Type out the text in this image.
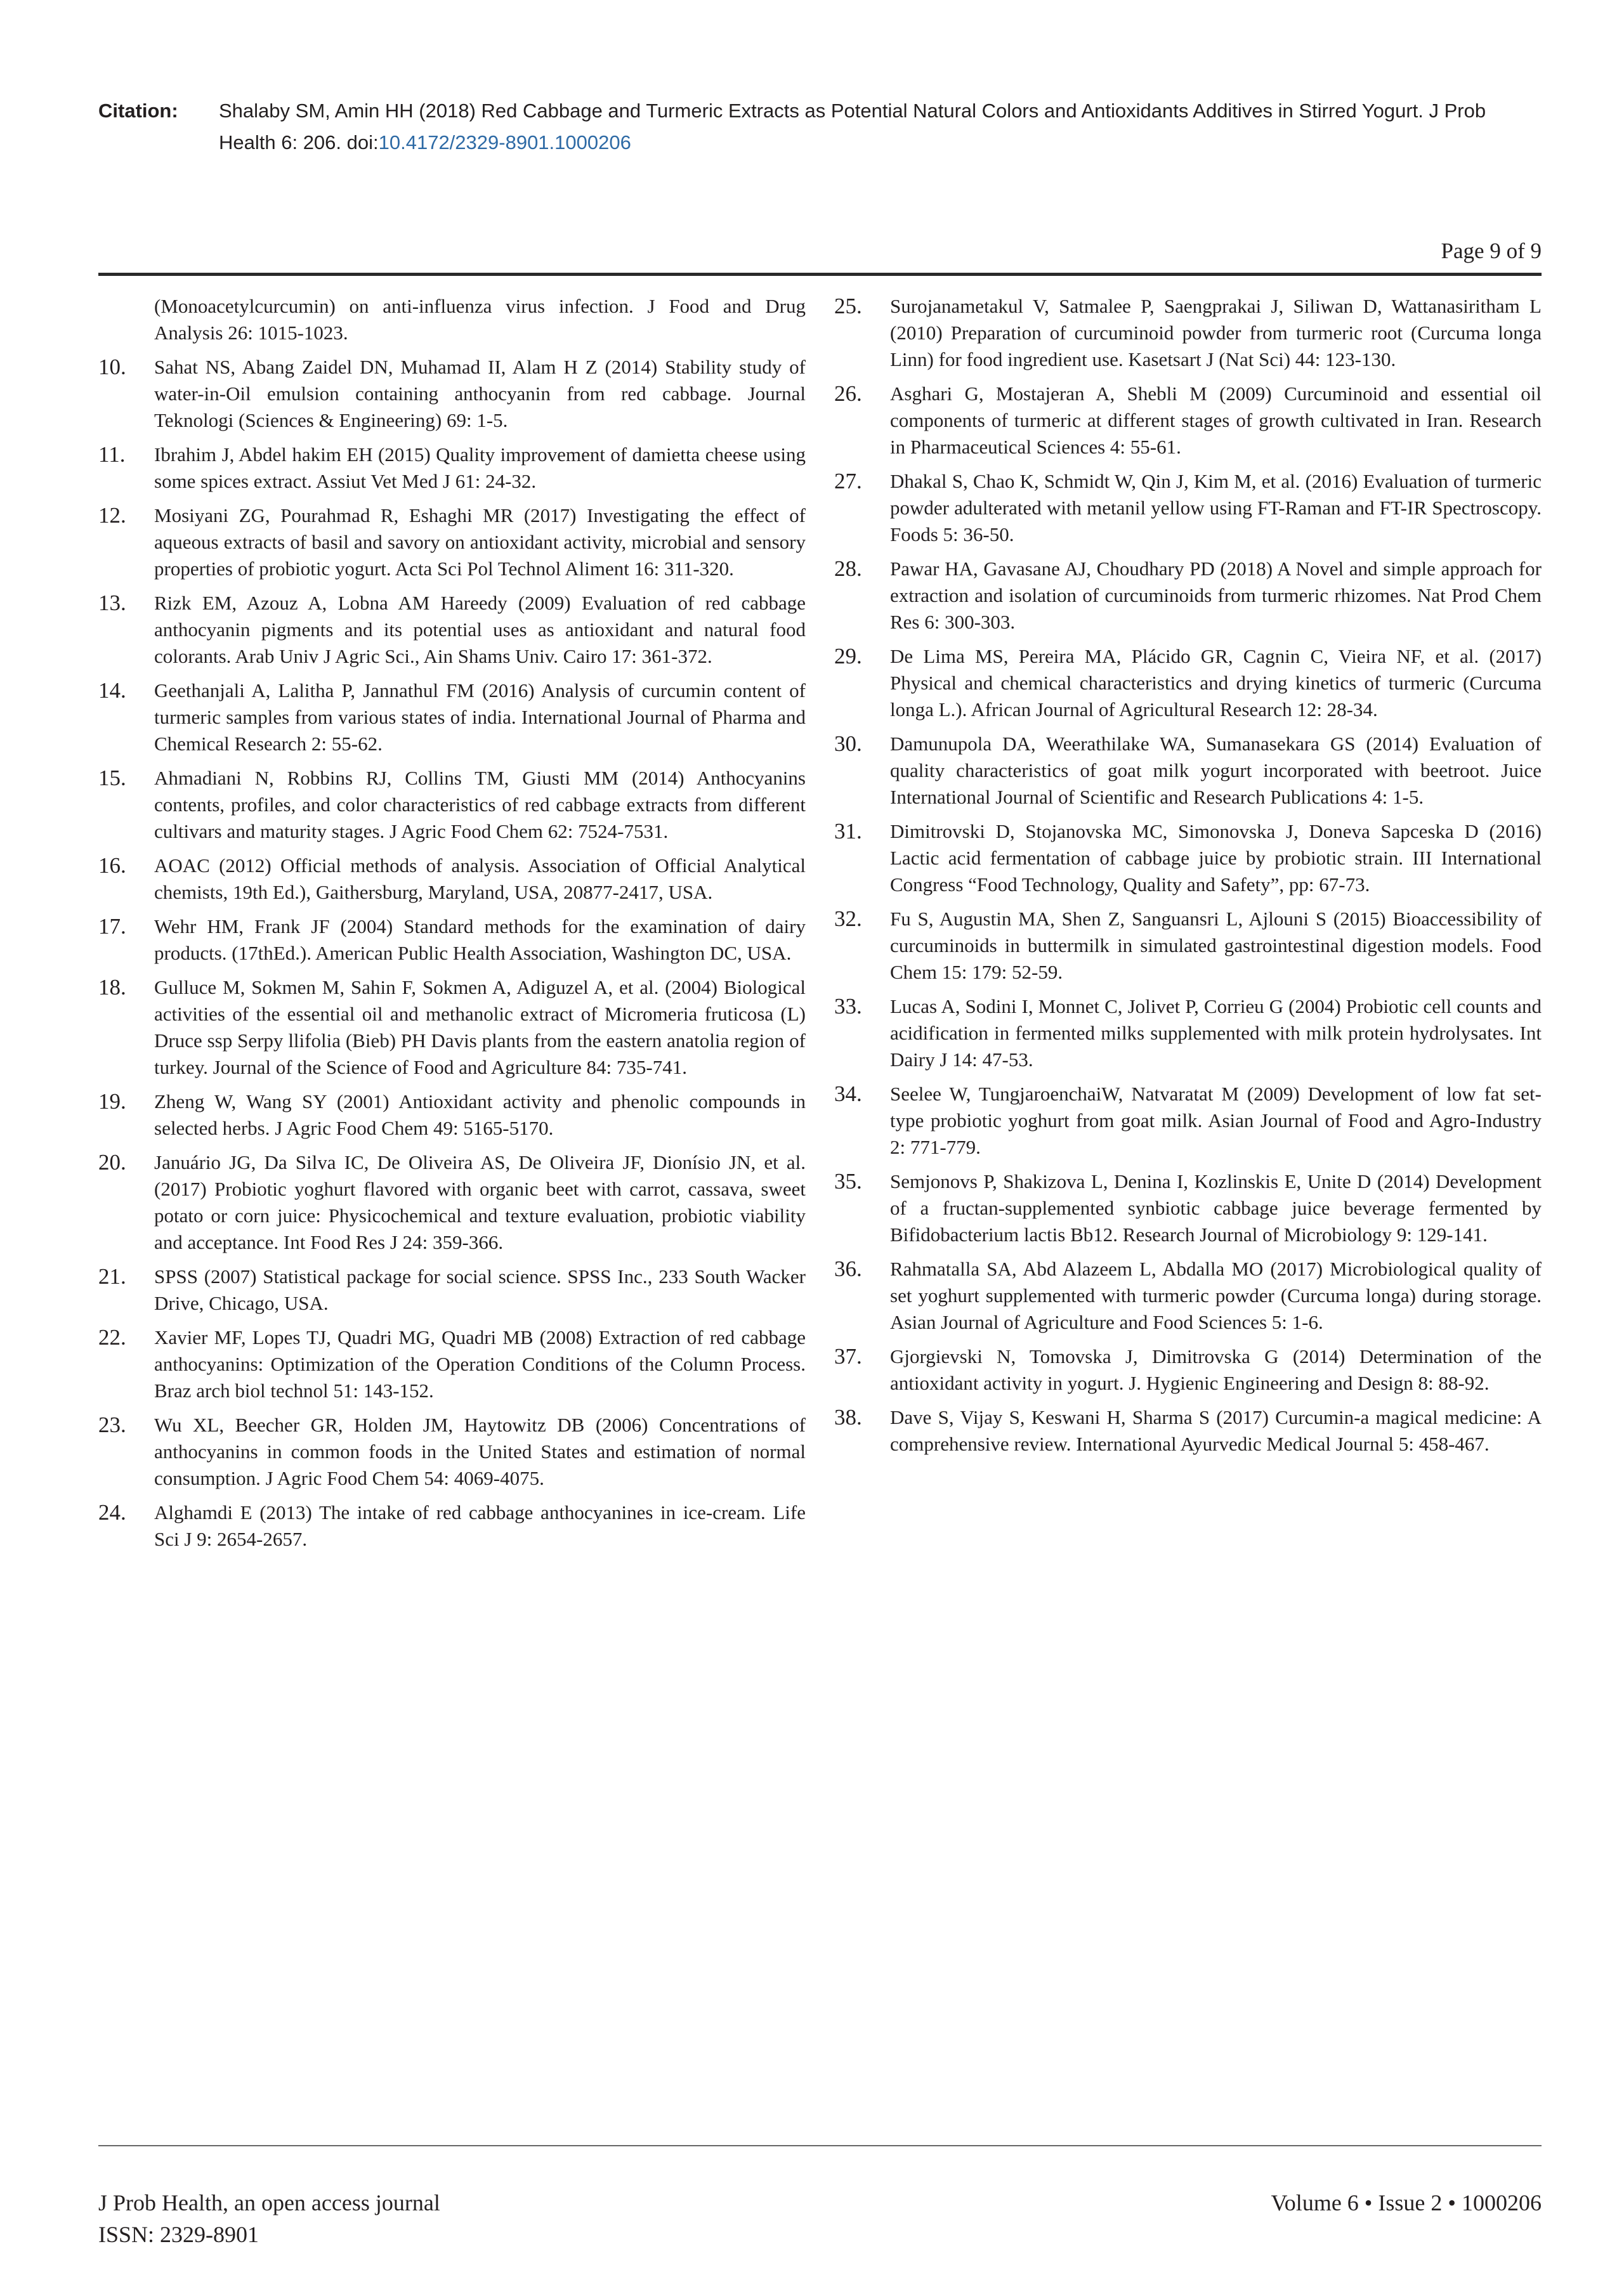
Citation:	Shalaby SM, Amin HH (2018) Red Cabbage and Turmeric Extracts as Potential Natural Colors and Antioxidants Additives in Stirred Yogurt. J Prob Health 6: 206. doi:10.4172/2329-8901.1000206
Page 9 of 9
(Monoacetylcurcumin) on anti-influenza virus infection. J Food and Drug Analysis 26: 1015-1023.
10.	Sahat NS, Abang Zaidel DN, Muhamad II, Alam H Z (2014) Stability study of water-in-Oil emulsion containing anthocyanin from red cabbage. Journal Teknologi (Sciences & Engineering) 69: 1-5.
11.	Ibrahim J, Abdel hakim EH (2015) Quality improvement of damietta cheese using some spices extract. Assiut Vet Med J 61: 24-32.
12.	Mosiyani ZG, Pourahmad R, Eshaghi MR (2017) Investigating the effect of aqueous extracts of basil and savory on antioxidant activity, microbial and sensory properties of probiotic yogurt. Acta Sci Pol Technol Aliment 16: 311-320.
13.	Rizk EM, Azouz A, Lobna AM Hareedy (2009) Evaluation of red cabbage anthocyanin pigments and its potential uses as antioxidant and natural food colorants. Arab Univ J Agric Sci., Ain Shams Univ. Cairo 17: 361-372.
14.	Geethanjali A, Lalitha P, Jannathul FM (2016) Analysis of curcumin content of turmeric samples from various states of india. International Journal of Pharma and Chemical Research 2: 55-62.
15.	Ahmadiani N, Robbins RJ, Collins TM, Giusti MM (2014) Anthocyanins contents, profiles, and color characteristics of red cabbage extracts from different cultivars and maturity stages. J Agric Food Chem 62: 7524-7531.
16.	AOAC (2012) Official methods of analysis. Association of Official Analytical chemists, 19th Ed.), Gaithersburg, Maryland, USA, 20877-2417, USA.
17.	Wehr HM, Frank JF (2004) Standard methods for the examination of dairy products. (17thEd.). American Public Health Association, Washington DC, USA.
18.	Gulluce M, Sokmen M, Sahin F, Sokmen A, Adiguzel A, et al. (2004) Biological activities of the essential oil and methanolic extract of Micromeria fruticosa (L) Druce ssp Serpy llifolia (Bieb) PH Davis plants from the eastern anatolia region of turkey. Journal of the Science of Food and Agriculture 84: 735-741.
19.	Zheng W, Wang SY (2001) Antioxidant activity and phenolic compounds in selected herbs. J Agric Food Chem 49: 5165-5170.
20.	Januário JG, Da Silva IC, De Oliveira AS, De Oliveira JF, Dionísio JN, et al. (2017) Probiotic yoghurt flavored with organic beet with carrot, cassava, sweet potato or corn juice: Physicochemical and texture evaluation, probiotic viability and acceptance. Int Food Res J 24: 359-366.
21.	SPSS (2007) Statistical package for social science. SPSS Inc., 233 South Wacker Drive, Chicago, USA.
22.	Xavier MF, Lopes TJ, Quadri MG, Quadri MB (2008) Extraction of red cabbage anthocyanins: Optimization of the Operation Conditions of the Column Process. Braz arch biol technol 51: 143-152.
23.	Wu XL, Beecher GR, Holden JM, Haytowitz DB (2006) Concentrations of anthocyanins in common foods in the United States and estimation of normal consumption. J Agric Food Chem 54: 4069-4075.
24.	Alghamdi E (2013) The intake of red cabbage anthocyanines in ice-cream. Life Sci J 9: 2654-2657.
25.	Surojanametakul V, Satmalee P, Saengprakai J, Siliwan D, Wattanasiritham L (2010) Preparation of curcuminoid powder from turmeric root (Curcuma longa Linn) for food ingredient use. Kasetsart J (Nat Sci) 44: 123-130.
26.	Asghari G, Mostajeran A, Shebli M (2009) Curcuminoid and essential oil components of turmeric at different stages of growth cultivated in Iran. Research in Pharmaceutical Sciences 4: 55-61.
27.	Dhakal S, Chao K, Schmidt W, Qin J, Kim M, et al. (2016) Evaluation of turmeric powder adulterated with metanil yellow using FT-Raman and FT-IR Spectroscopy. Foods 5: 36-50.
28.	Pawar HA, Gavasane AJ, Choudhary PD (2018) A Novel and simple approach for extraction and isolation of curcuminoids from turmeric rhizomes. Nat Prod Chem Res 6: 300-303.
29.	De Lima MS, Pereira MA, Plácido GR, Cagnin C, Vieira NF, et al. (2017) Physical and chemical characteristics and drying kinetics of turmeric (Curcuma longa L.). African Journal of Agricultural Research 12: 28-34.
30.	Damunupola DA, Weerathilake WA, Sumanasekara GS (2014) Evaluation of quality characteristics of goat milk yogurt incorporated with beetroot. Juice International Journal of Scientific and Research Publications 4: 1-5.
31.	Dimitrovski D, Stojanovska MC, Simonovska J, Doneva Sapceska D (2016) Lactic acid fermentation of cabbage juice by probiotic strain. III International Congress “Food Technology, Quality and Safety”, pp: 67-73.
32.	Fu S, Augustin MA, Shen Z, Sanguansri L, Ajlouni S (2015) Bioaccessibility of curcuminoids in buttermilk in simulated gastrointestinal digestion models. Food Chem 15: 179: 52-59.
33.	Lucas A, Sodini I, Monnet C, Jolivet P, Corrieu G (2004) Probiotic cell counts and acidification in fermented milks supplemented with milk protein hydrolysates. Int Dairy J 14: 47-53.
34.	Seelee W, TungjaroenchaiW, Natvaratat M (2009) Development of low fat set-type probiotic yoghurt from goat milk. Asian Journal of Food and Agro-Industry 2: 771-779.
35.	Semjonovs P, Shakizova L, Denina I, Kozlinskis E, Unite D (2014) Development of a fructan-supplemented synbiotic cabbage juice beverage fermented by Bifidobacterium lactis Bb12. Research Journal of Microbiology 9: 129-141.
36.	Rahmatalla SA, Abd Alazeem L, Abdalla MO (2017) Microbiological quality of set yoghurt supplemented with turmeric powder (Curcuma longa) during storage. Asian Journal of Agriculture and Food Sciences 5: 1-6.
37.	Gjorgievski N, Tomovska J, Dimitrovska G (2014) Determination of the antioxidant activity in yogurt. J. Hygienic Engineering and Design 8: 88-92.
38.	Dave S, Vijay S, Keswani H, Sharma S (2017) Curcumin-a magical medicine: A comprehensive review. International Ayurvedic Medical Journal 5: 458-467.
J Prob Health, an open access journal
ISSN: 2329-8901
Volume 6 • Issue 2 • 1000206
